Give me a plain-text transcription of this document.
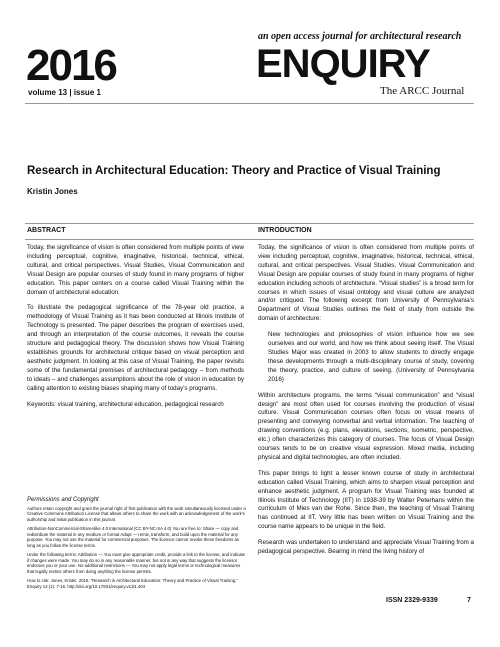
2016
volume 13 | issue 1
an open access journal for architectural research
ENQUIRY
The ARCC Journal
Research in Architectural Education: Theory and Practice of Visual Training
Kristin Jones
ABSTRACT	INTRODUCTION

Today, the significance of vision is often considered from multiple points of view including perceptual, cognitive, imaginative, historical, technical, ethical, cultural, and critical perspectives. Visual Studies, Visual Communication and Visual Design are popular courses of study found in many programs of higher education. This paper centers on a course called Visual Training within the domain of architectural education.

To illustrate the pedagogical significance of the 78-year old practice, a methodology of Visual Training as it has been conducted at Illinois Institute of Technology is presented. The paper describes the program of exercises used, and through an interpretation of the course outcomes, it reveals the course structure and pedagogical theory. The discussion shows how Visual Training establishes grounds for architectural critique based on visual perception and aesthetic judgment. In looking at this case of Visual Training, the paper revisits some of the fundamental premises of architectural pedagogy – from methods to ideals – and challenges assumptions about the role of vision in education by calling attention to existing biases shaping many of today’s programs.

Keywords: visual training, architectural education, pedagogical research

Permissions and Copyright

Authors retain copyright and grant the journal right of first publication with the work simultaneously licensed under a Creative Commons Attribution License that allows others to share the work with an acknowledgement of the work’s authorship and initial publication in this journal.

Attribution-NonCommercial-ShareAlike 4.0 International (CC BY-NC-SA 4.0) You are free to: Share — copy and redistribute the material in any medium or format Adapt — remix, transform, and build upon the material for any purpose. You may not use the material for commercial purposes. The licensor cannot revoke these freedoms as long as you follow the license terms.

Under the following terms: Attribution — You must give appropriate credit, provide a link to the license, and indicate if changes were made. You may do so in any reasonable manner, but not in any way that suggests the licensor endorses you or your use. No additional restrictions — You may not apply legal terms or technological measures that legally restrict others from doing anything the license permits.

How to cite: Jones, Kristin. 2016. “Research in Architectural Education: Theory and Practice of Visual Training.” Enquiry 13 (1): 7-16. http://doi.org/10.17831/enquiry.v13i1.404

Today, the significance of vision is often considered from multiple points of view including perceptual, cognitive, imaginative, historical, technical, ethical, cultural, and critical perspectives. Visual Studies, Visual Communication and Visual Design are popular courses of study found in many programs of higher education including schools of architecture. “Visual studies” is a broad term for courses in which issues of visual ontology and visual culture are analyzed and/or critiqued. The following excerpt from University of Pennsylvania’s Department of Visual Studies outlines the field of study from outside the domain of architecture:

New technologies and philosophies of vision influence how we see ourselves and our world, and how we think about seeing itself. The Visual Studies Major was created in 2003 to allow students to directly engage these developments through a multi-disciplinary course of study, covering the theory, practice, and culture of seeing. (University of Pennsylvania 2016)

Within architecture programs, the terms “visual communication” and “visual design” are most often used for courses involving the production of visual culture. Visual Communication courses often focus on visual means of presenting and conveying nonverbal and verbal information. The teaching of drawing conventions (e.g. plans, elevations, sections, isometric, perspective, etc.) often characterizes this category of courses. The focus of Visual Design courses tends to be on creative visual expression. Mixed media, including physical and digital technologies, are often included.

This paper brings to light a lesser known course of study in architectural education called Visual Training, which aims to sharpen visual perception and enhance aesthetic judgment. A program for Visual Training was founded at Illinois Institute of Technology (IIT) in 1938-39 by Walter Peterhans within the curriculum of Mies van der Rohe. Since then, the teaching of Visual Training has continued at IIT. Very little has been written on Visual Training and the course name appears to be unique in the field.

Research was undertaken to understand and appreciate Visual Training from a pedagogical perspective. Bearing in mind the living history of

ISSN 2329-9339	7
